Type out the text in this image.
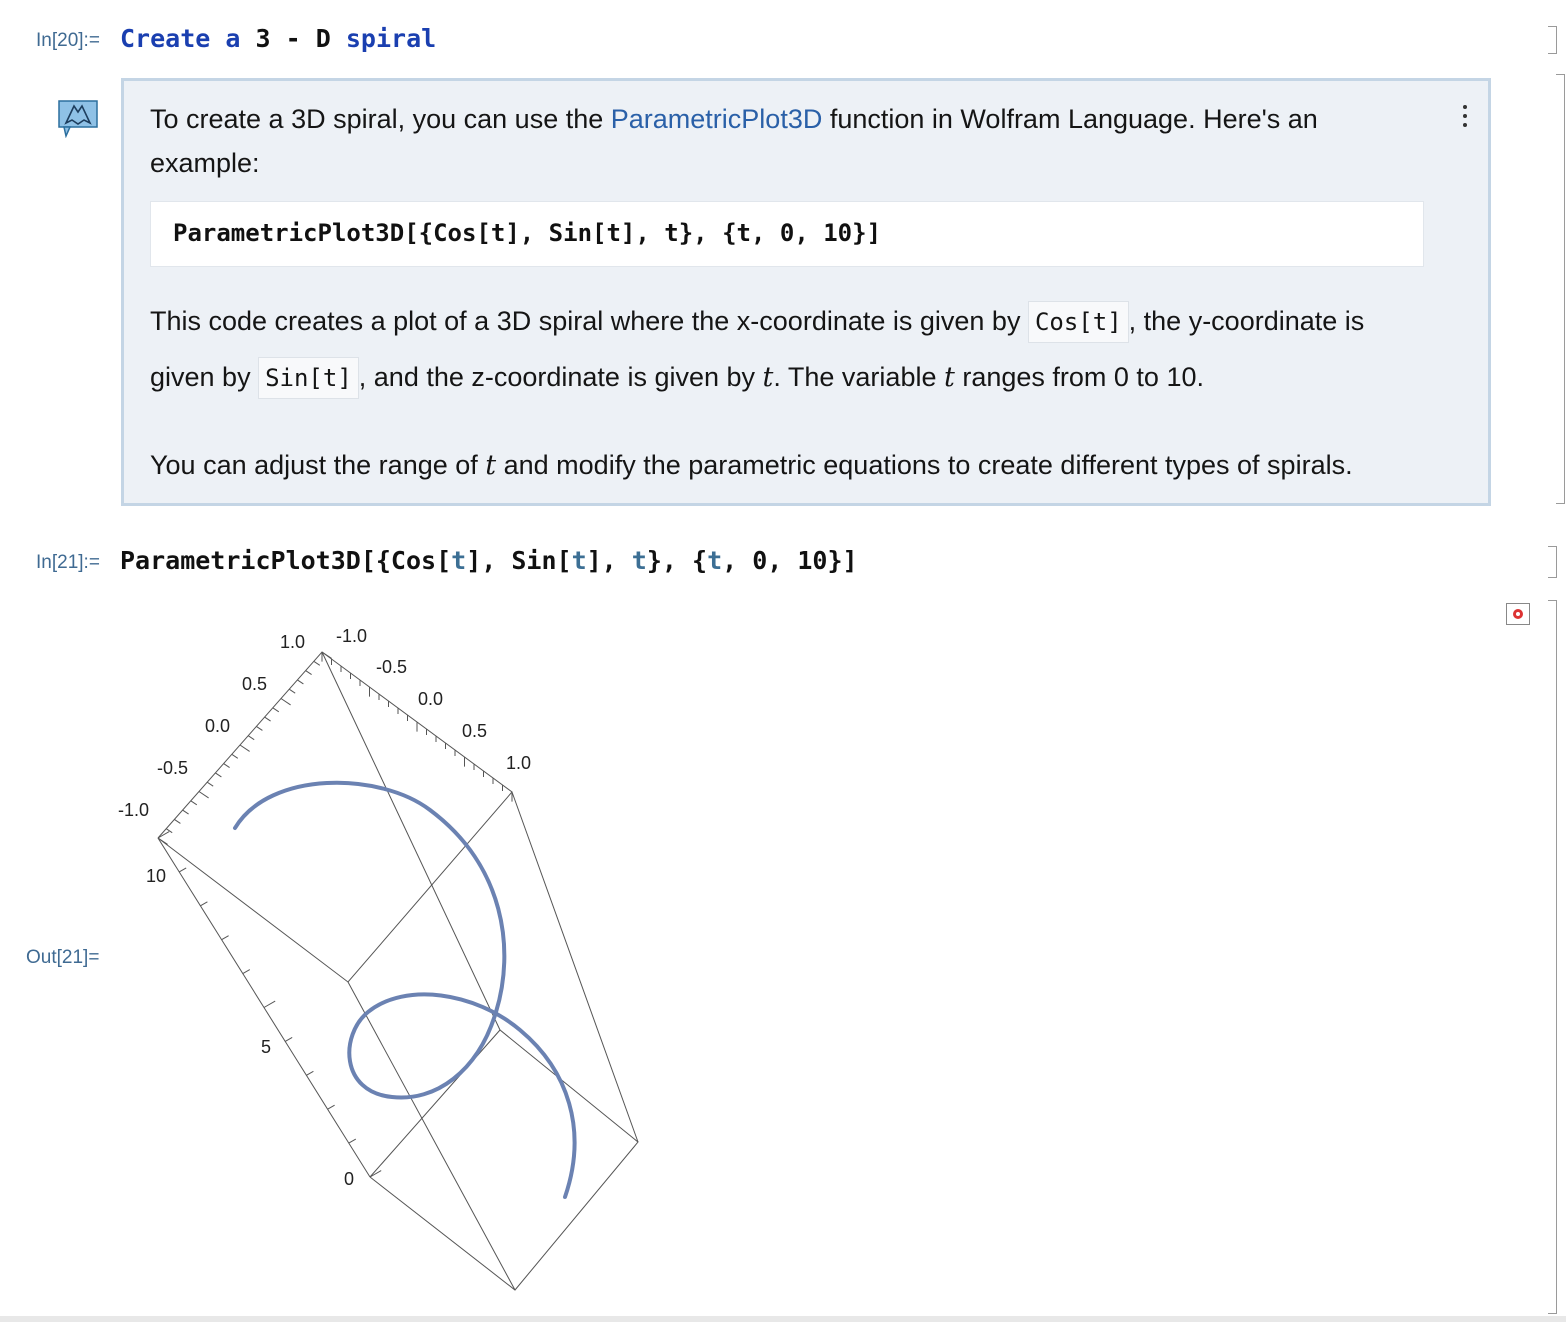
In[20]:= Create a 3 - D spiral
To create a 3D spiral, you can use the ParametricPlot3D function in Wolfram Language. Here's an
example:
ParametricPlot3D[{Cos[t], Sin[t], t}, {t, 0, 10}]
This code creates a plot of a 3D spiral where the x-coordinate is given by Cos[t] , the y-coordinate is
given by Sin[t] , and the z-coordinate is given by t. The variable t ranges from 0 to 10.
You can adjust the range of t and modify the parametric equations to create different types of spirals.
In[21]:= ParametricPlot3D[{Cos[t], Sin[t], t}, {t, 0, 10}]
Out[21]=
-1.0
-0.5
0.0
0.5
1.0
1.0
0.5
0.0
-0.5
-1.0
10
5
0
